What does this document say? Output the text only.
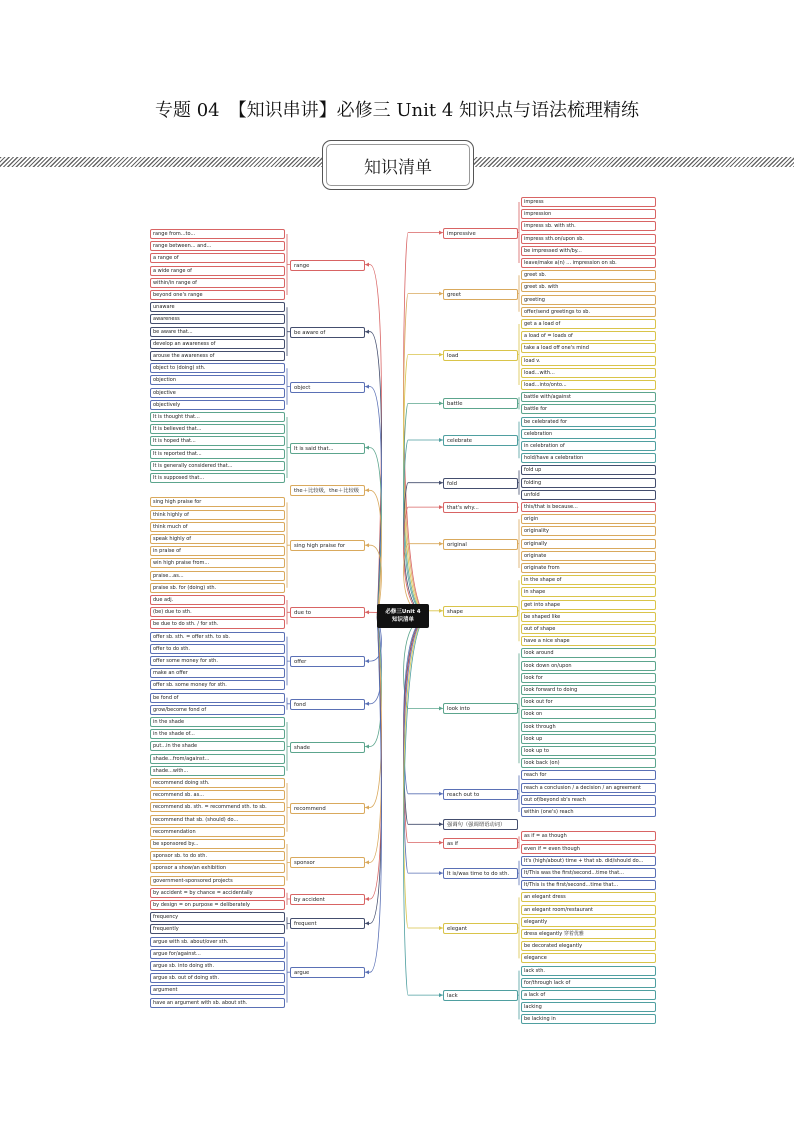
专题 04　【知识串讲】必修三 Unit 4 知识点与语法梳理精练
知识清单
range from...to...
range between... and...
a range of
a wide range of
within/in range of
beyond one's range
range
unaware
awareness
be aware that...
develop an awareness of
arouse the awareness of
be aware of
object to (doing) sth.
objection
objective
objectively
object
It is thought that...
It is believed that...
It is hoped that...
It is reported that...
It is generally considered that...
It is supposed that...
It is said that...
the＋比较级，the＋比较级
sing high praise for
think highly of
think much of
speak highly of
in praise of
win high praise from...
praise...as...
praise sb. for (doing) sth.
sing high praise for
due adj.
(be) due to sth.
be due to do sth. / for sth.
due to
offer sb. sth. = offer sth. to sb.
offer to do sth.
offer some money for sth.
make an offer
offer sb. some money for sth.
offer
be fond of
grow/become fond of
fond
in the shade
in the shade of...
put...in the shade
shade...from/against...
shade...with...
shade
recommend doing sth.
recommend sb. as...
recommend sb. sth. = recommend sth. to sb.
recommend that sb. (should) do...
recommendation
recommend
be sponsored by...
sponsor sb. to do sth.
sponsor a show/an exhibition
government-sponsored projects
sponsor
by accident = by chance = accidentally
by design = on purpose = deliberately
by accident
frequency
frequently
frequent
argue with sb. about/over sth.
argue for/against...
argue sb. into doing sth.
argue sb. out of doing sth.
argument
have an argument with sb. about sth.
argue
impress
impression
impress sb. with sth.
impress sth.on/upon sb.
be impressed with/by...
leave/make a(n) ... impression on sb.
impressive
greet sb.
greet sb. with
greeting
offer/send greetings to sb.
greet
get a a load of
a load of = loads of
take a load off one's mind
load v.
load...with...
load...into/onto...
load
battle with/against
battle for
battle
be celebrated for
celebration
in celebration of
hold/have a celebration
celebrate
fold up
folding
unfold
fold
this/that is because...
that's why...
origin
originality
originally
originate
originate from
original
in the shape of
in shape
get into shape
be shaped like
out of shape
have a nice shape
shape
look around
look down on/upon
look for
look forward to doing
look out for
look on
look through
look up
look up to
look back (on)
look into
reach for
reach a conclusion / a decision / an agreement
out of/beyond sb's reach
within (one's) reach
reach out to
强调句（强调谓语动词）
as if = as though
even if = even though
as if
It's (high/about) time + that sb. did/should do...
It/This was the first/second...time that...
It/This is the first/second...time that...
It is/was time to do sth.
an elegant dress
an elegant room/restaurant
elegantly
dress elegantly 穿着优雅
be decorated elegantly
elegance
elegant
lack sth.
for/through lack of
a lack of
lacking
be lacking in
lack
必修三Unit 4
知识清单
